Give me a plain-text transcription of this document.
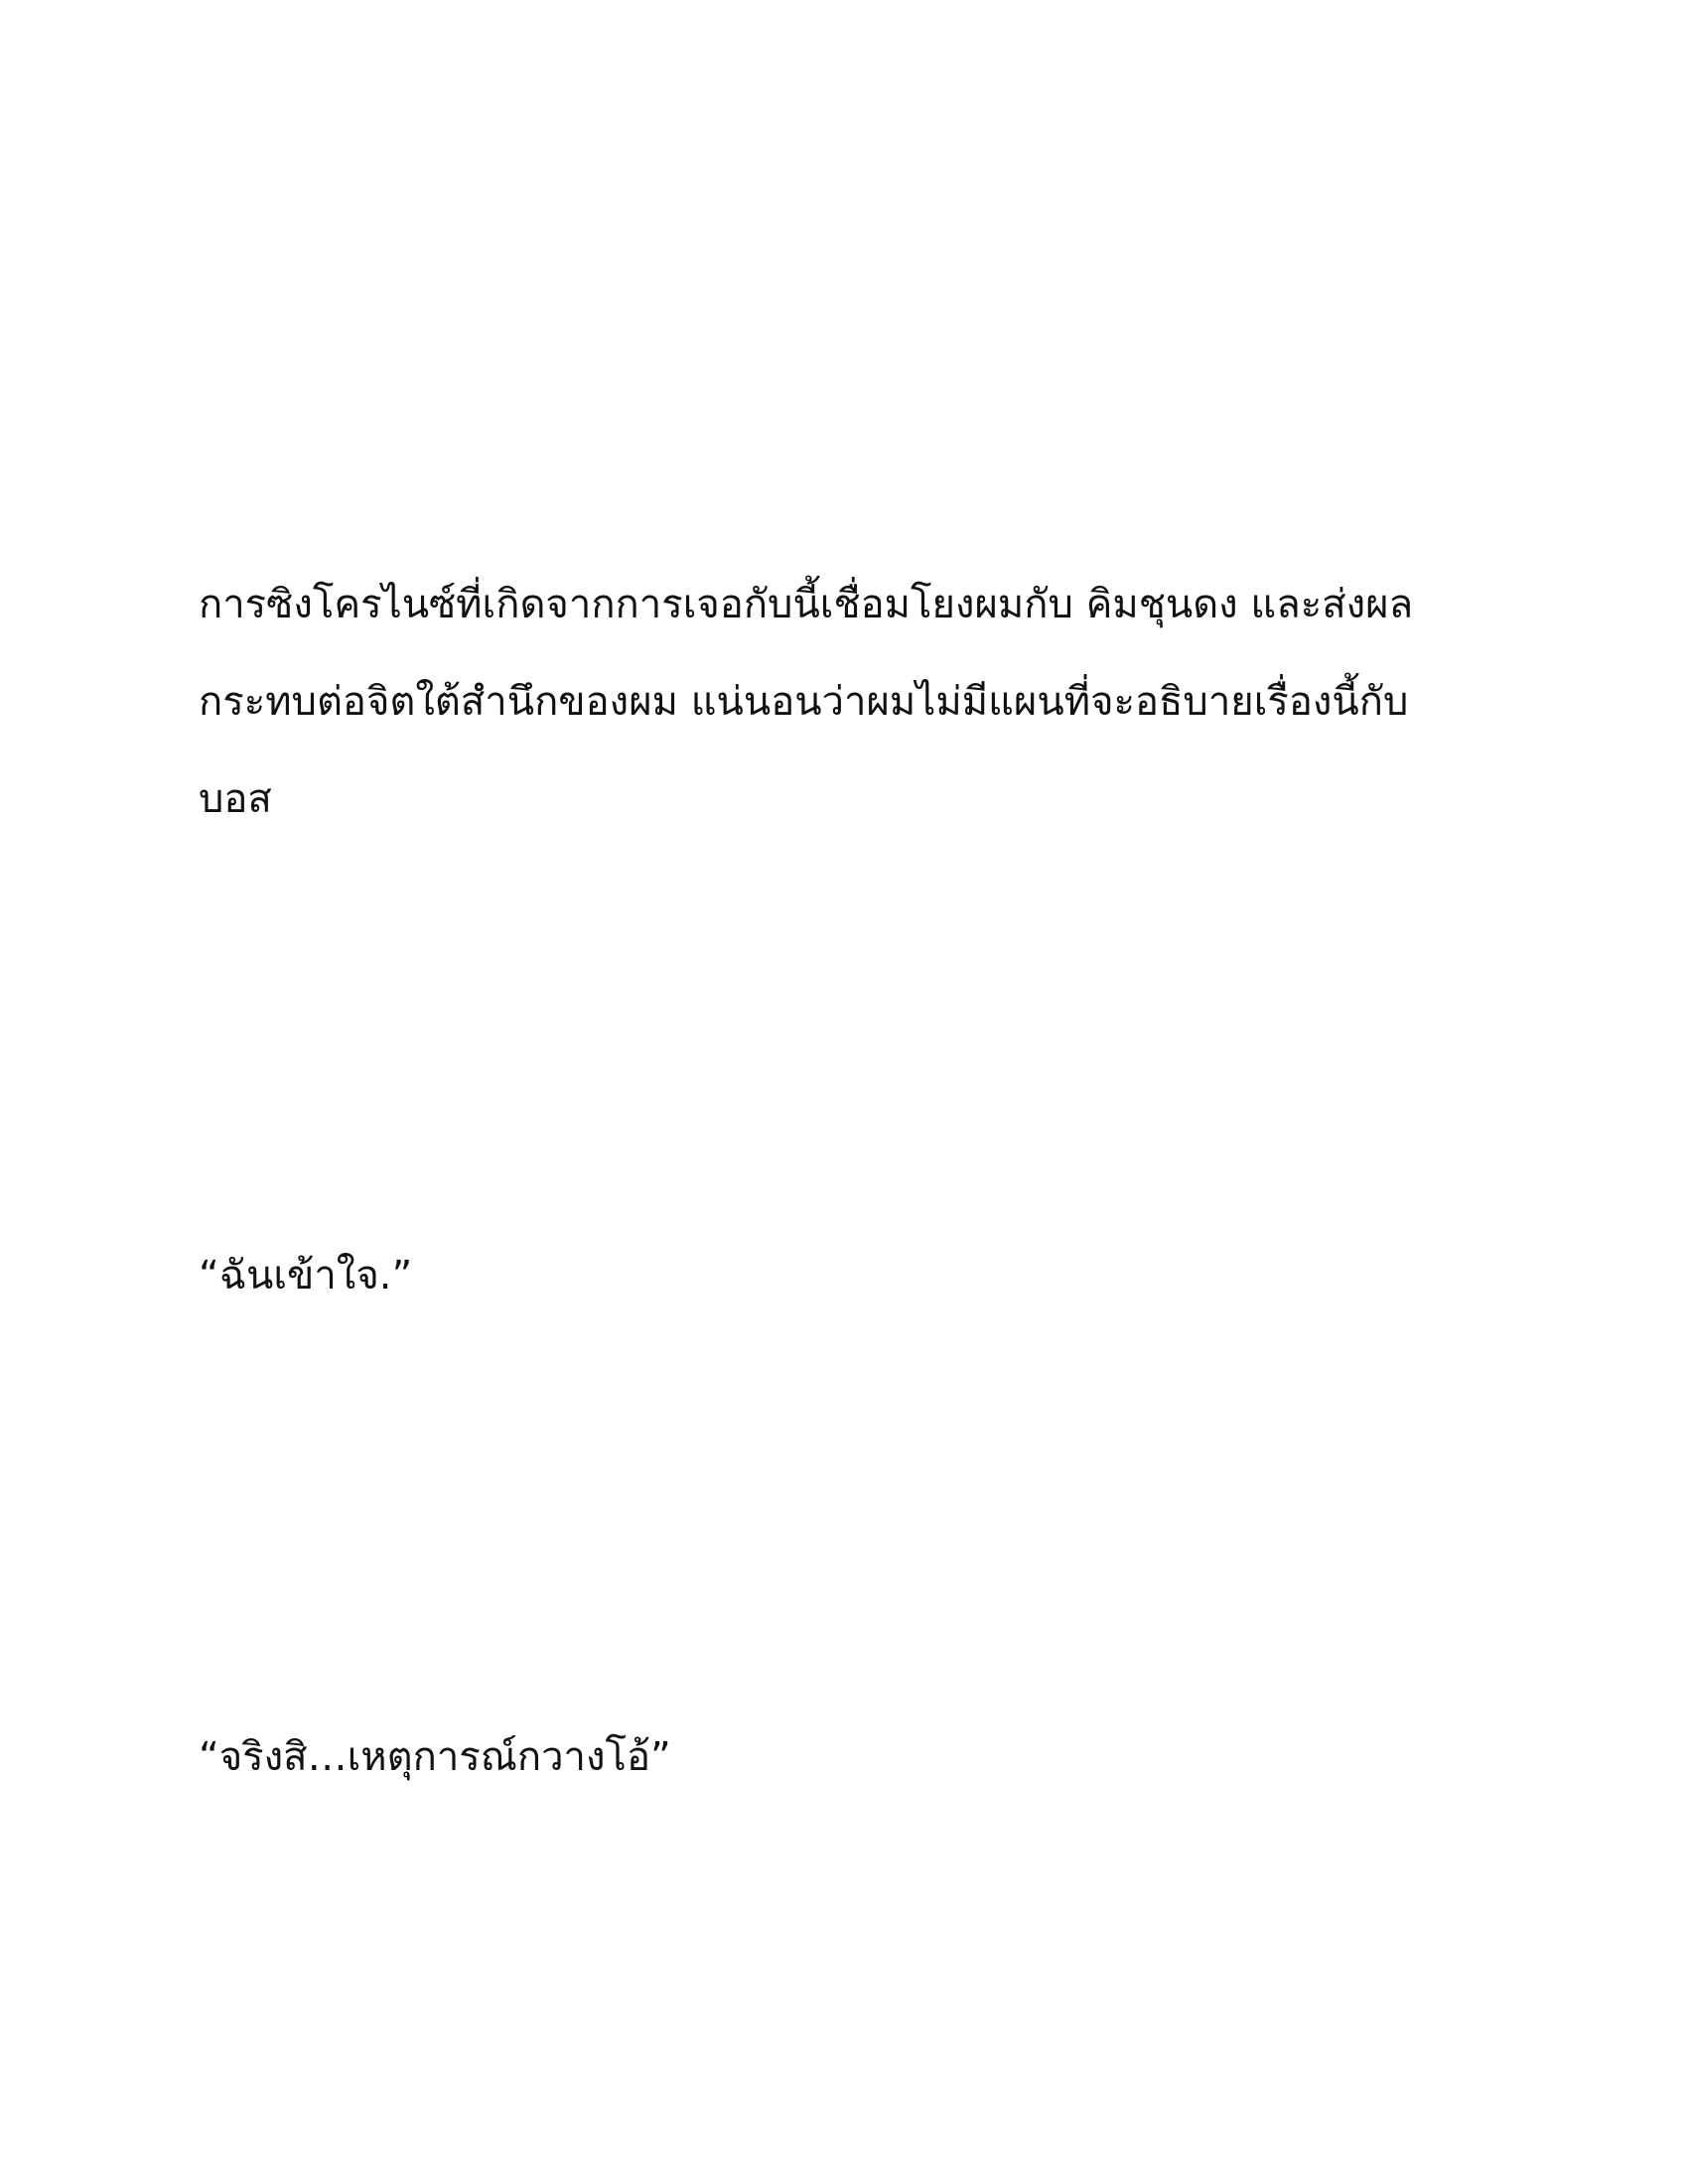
การซิงโครไนซ์ที่เกิดจากการเจอกับนี้เชื่อมโยงผมกับ คิมชุนดง และส่งผล
กระทบต่อจิตใต้สำนึกของผม แน่นอนว่าผมไม่มีแผนที่จะอธิบายเรื่องนี้กับ
บอส

“ฉันเข้าใจ.”

“จริงสิ…เหตุการณ์กวางโอ้”
